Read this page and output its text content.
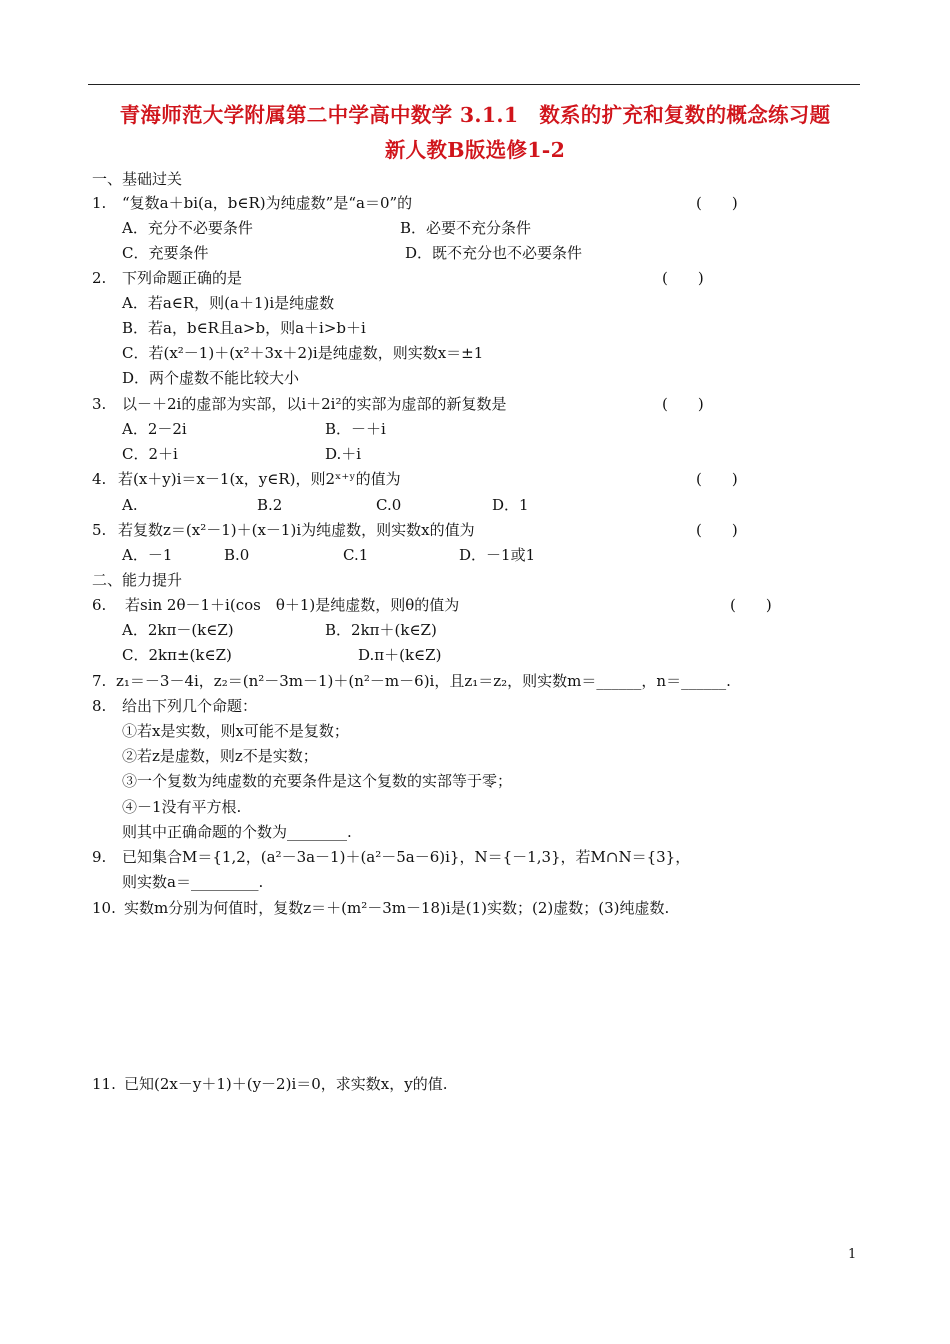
青海师范大学附属第二中学高中数学 3.1.1　数系的扩充和复数的概念练习题
新人教B版选修1-2
一、基础过关
1. “复数a＋bi(a，b∈R)为纯虚数”是“a＝0”的	(　　)
A．充分不必要条件	B．必要不充分条件
C．充要条件	D．既不充分也不必要条件
2. 下列命题正确的是	(　　)
A．若a∈R，则(a＋1)i是纯虚数
B．若a，b∈R且a>b，则a＋i>b＋i
C．若(x²－1)＋(x²＋3x＋2)i是纯虚数，则实数x＝±1
D．两个虚数不能比较大小
3. 以－＋2i的虚部为实部，以i＋2i²的实部为虚部的新复数是	(　　)
A．2－2i	B．－＋i
C．2＋i	D.＋i
4. 若(x＋y)i＝x－1(x，y∈R)，则2ˣ⁺ʸ的值为	(　　)
A.	B.2	C.0	D．1
5. 若复数z＝(x²－1)＋(x－1)i为纯虚数，则实数x的值为	(　　)
A．－1	B.0	C.1	D．－1或1
二、能力提升
6. 若sin 2θ－1＋i(cos　θ＋1)是纯虚数，则θ的值为	(　　)
A．2kπ－(k∈Z)	B．2kπ＋(k∈Z)
C．2kπ±(k∈Z)	D.π＋(k∈Z)
7. z₁＝－3－4i，z₂＝(n²－3m－1)＋(n²－m－6)i，且z₁＝z₂，则实数m＝______，n＝______.
8. 给出下列几个命题：
①若x是实数，则x可能不是复数；
②若z是虚数，则z不是实数；
③一个复数为纯虚数的充要条件是这个复数的实部等于零；
④－1没有平方根.
则其中正确命题的个数为________.
9. 已知集合M＝{1,2，(a²－3a－1)＋(a²－5a－6)i}，N＝{－1,3}，若M∩N＝{3}，
则实数a＝_________.
10. 实数m分别为何值时，复数z＝＋(m²－3m－18)i是(1)实数；(2)虚数；(3)纯虚数.
11. 已知(2x－y＋1)＋(y－2)i＝0，求实数x，y的值.
1
